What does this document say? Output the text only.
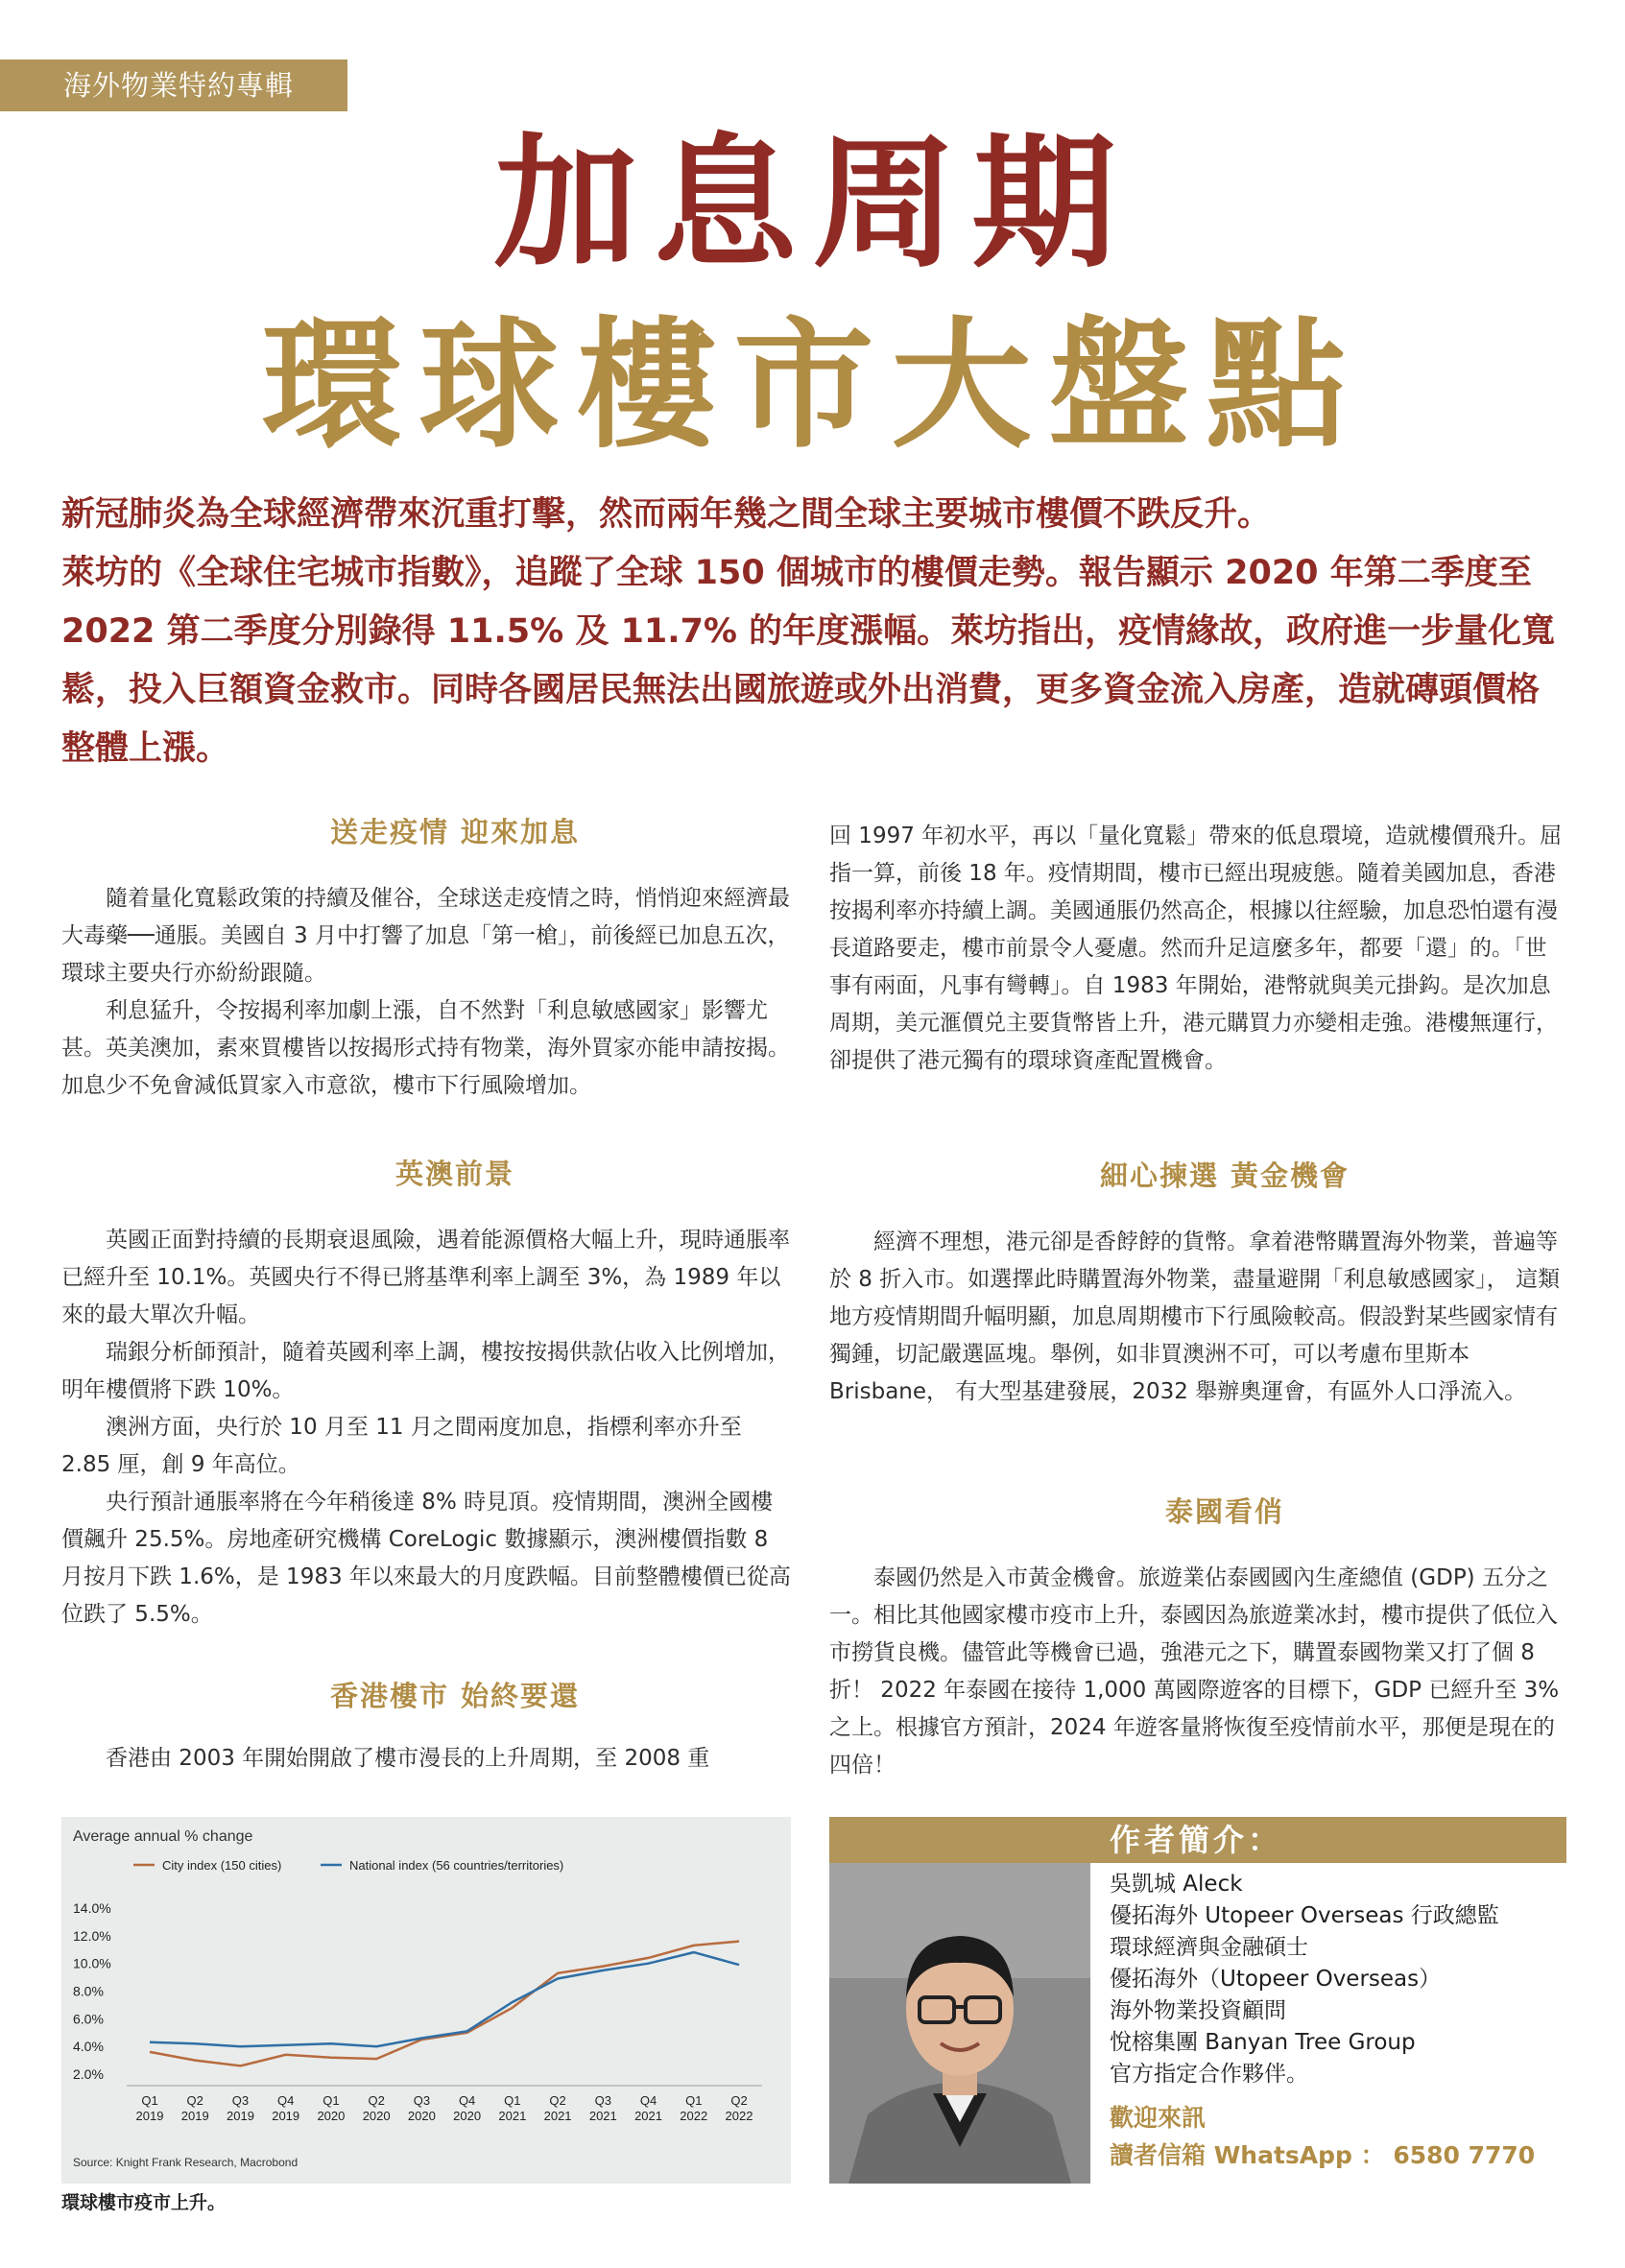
海外物業特約專輯
加息周期
環球樓市大盤點

新冠肺炎為全球經濟帶來沉重打擊，然而兩年幾之間全球主要城市樓價不跌反升。

萊坊的《全球住宅城市指數》，追蹤了全球 150 個城市的樓價走勢。報告顯示 2020 年第二季度至 2022 第二季度分別錄得 11.5% 及 11.7% 的年度漲幅。萊坊指出，疫情緣故，政府進一步量化寬鬆，投入巨額資金救市。同時各國居民無法出國旅遊或外出消費，更多資金流入房產，造就磚頭價格整體上漲。

送走疫情 迎來加息

隨着量化寬鬆政策的持續及催谷，全球送走疫情之時，悄悄迎來經濟最大毒藥──通脹。美國自 3 月中打響了加息「第一槍」，前後經已加息五次，環球主要央行亦紛紛跟隨。

利息猛升，令按揭利率加劇上漲，自不然對「利息敏感國家」影響尤甚。英美澳加，素來買樓皆以按揭形式持有物業，海外買家亦能申請按揭。加息少不免會減低買家入市意欲，樓市下行風險增加。

英澳前景

英國正面對持續的長期衰退風險，遇着能源價格大幅上升，現時通脹率已經升至 10.1%。英國央行不得已將基準利率上調至 3%，為 1989 年以來的最大單次升幅。

瑞銀分析師預計，隨着英國利率上調，樓按按揭供款佔收入比例增加，明年樓價將下跌 10%。

澳洲方面，央行於 10 月至 11 月之間兩度加息，指標利率亦升至 2.85 厘，創 9 年高位。

央行預計通脹率將在今年稍後達 8% 時見頂。疫情期間，澳洲全國樓價飆升 25.5%。房地產研究機構 CoreLogic 數據顯示，澳洲樓價指數 8 月按月下跌 1.6%，是 1983 年以來最大的月度跌幅。目前整體樓價已從高位跌了 5.5%。

香港樓市 始終要還

香港由 2003 年開始開啟了樓市漫長的上升周期，至 2008 重

回 1997 年初水平，再以「量化寬鬆」帶來的低息環境，造就樓價飛升。屈指一算，前後 18 年。疫情期間，樓市已經出現疲態。隨着美國加息，香港按揭利率亦持續上調。美國通脹仍然高企，根據以往經驗，加息恐怕還有漫長道路要走，樓市前景令人憂慮。然而升足這麼多年，都要「還」的。「世事有兩面，凡事有彎轉」。自 1983 年開始，港幣就與美元掛鈎。是次加息周期，美元滙價兑主要貨幣皆上升，港元購買力亦變相走強。港樓無運行，卻提供了港元獨有的環球資產配置機會。

細心揀選 黃金機會

經濟不理想，港元卻是香餑餑的貨幣。拿着港幣購置海外物業，普遍等於 8 折入市。如選擇此時購置海外物業，盡量避開「利息敏感國家」， 這類地方疫情期間升幅明顯，加息周期樓市下行風險較高。假設對某些國家情有獨鍾，切記嚴選區塊。舉例，如非買澳洲不可，可以考慮布里斯本 Brisbane， 有大型基建發展，2032 舉辦奧運會，有區外人口淨流入。

泰國看俏

泰國仍然是入市黃金機會。旅遊業佔泰國國內生產總值 (GDP) 五分之一。相比其他國家樓市疫市上升，泰國因為旅遊業冰封，樓市提供了低位入市撈貨良機。儘管此等機會已過，強港元之下，購置泰國物業又打了個 8 折！ 2022 年泰國在接待 1,000 萬國際遊客的目標下，GDP 已經升至 3% 之上。根據官方預計，2024 年遊客量將恢復至疫情前水平，那便是現在的四倍！

Average annual % change
City index (150 cities)	National index (56 countries/territories)
14.0%
12.0%
10.0%
8.0%
6.0%
4.0%
2.0%
Q1
2019
Q2
2019
Q3
2019
Q4
2019
Q1
2020
Q2
2020
Q3
2020
Q4
2020
Q1
2021
Q2
2021
Q3
2021
Q4
2021
Q1
2022
Q2
2022
Source: Knight Frank Research, Macrobond
環球樓市疫市上升。
作者簡介：
吳凱城 Aleck
優拓海外 Utopeer Overseas 行政總監
環球經濟與金融碩士
優拓海外（Utopeer Overseas）
海外物業投資顧問
悅榕集團 Banyan Tree Group
官方指定合作夥伴。
歡迎來訊
讀者信箱 WhatsApp ： 6580 7770
